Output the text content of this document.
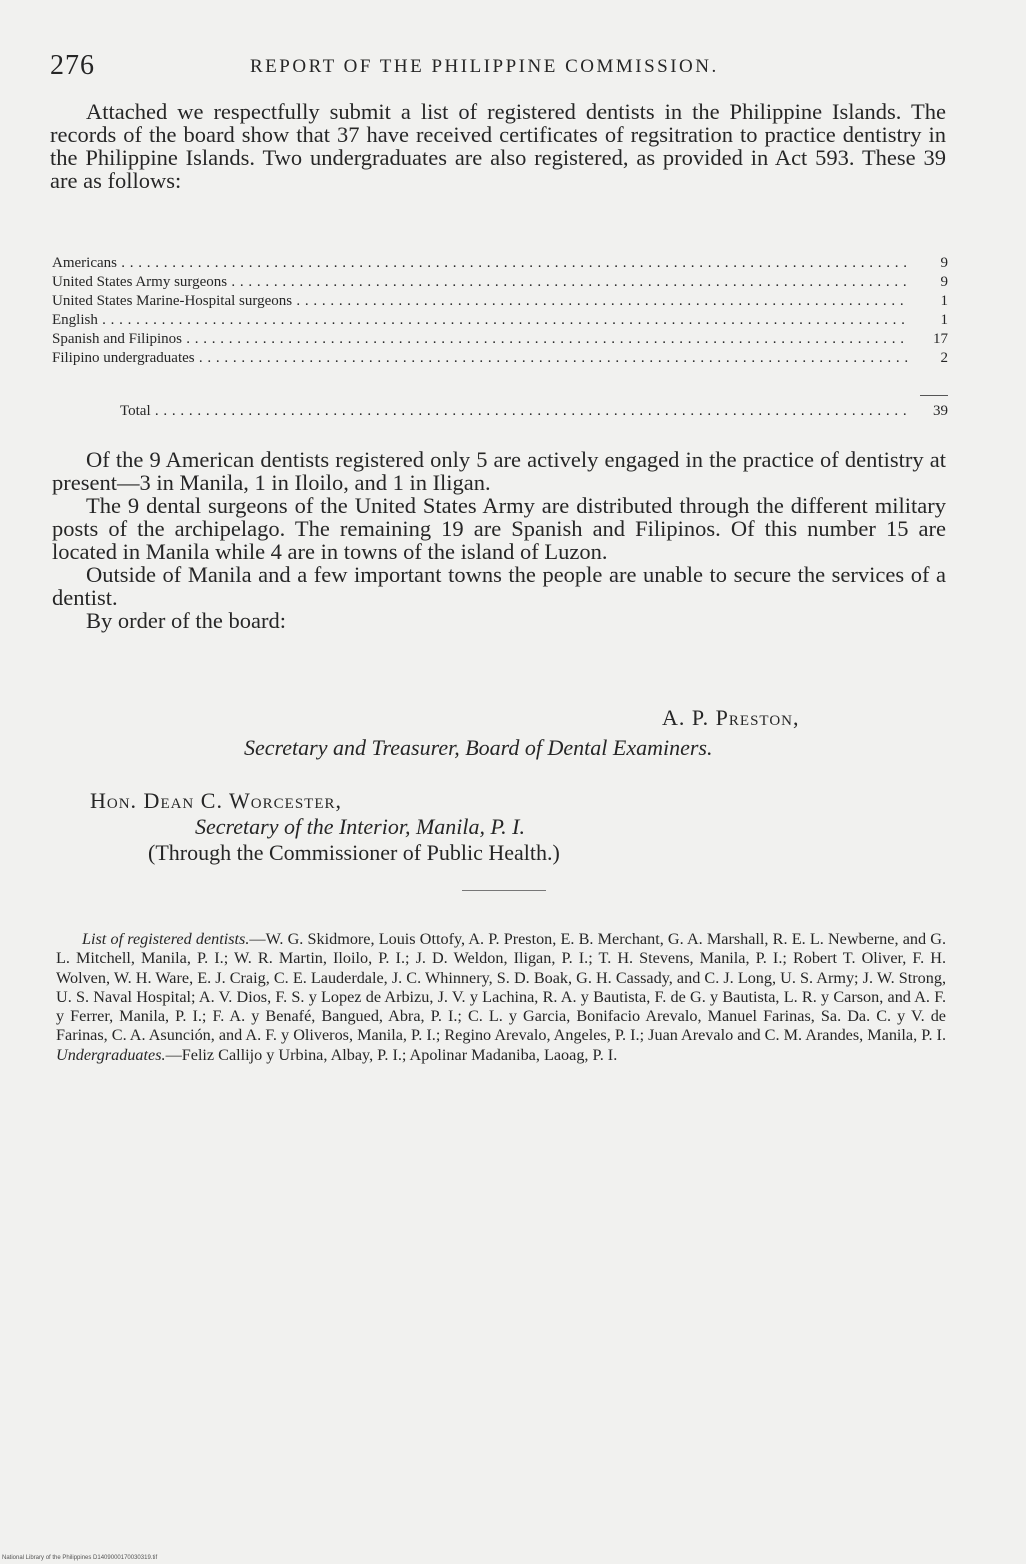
276	REPORT OF THE PHILIPPINE COMMISSION.

Attached we respectfully submit a list of registered dentists in the Philippine Islands. The records of the board show that 37 have received certificates of regsitration to practice dentistry in the Philippine Islands. Two undergraduates are also registered, as provided in Act 593. These 39 are as follows:

Americans . . .	9
United States Army surgeons . . .	9
United States Marine-Hospital surgeons . . .	1
English . . .	1
Spanish and Filipinos . . .	17
Filipino undergraduates . . .	2
Total . . .	39

Of the 9 American dentists registered only 5 are actively engaged in the practice of dentistry at present—3 in Manila, 1 in Iloilo, and 1 in Iligan.

The 9 dental surgeons of the United States Army are distributed through the different military posts of the archipelago. The remaining 19 are Spanish and Filipinos. Of this number 15 are located in Manila while 4 are in towns of the island of Luzon.

Outside of Manila and a few important towns the people are unable to secure the services of a dentist.

By order of the board:

A. P. Preston,
Secretary and Treasurer, Board of Dental Examiners.
Hon. Dean C. Worcester,
Secretary of the Interior, Manila, P. I.
(Through the Commissioner of Public Health.)

List of registered dentists.—W. G. Skidmore, Louis Ottofy, A. P. Preston, E. B. Merchant, G. A. Marshall, R. E. L. Newberne, and G. L. Mitchell, Manila, P. I.; W. R. Martin, Iloilo, P. I.; J. D. Weldon, Iligan, P. I.; T. H. Stevens, Manila, P. I.; Robert T. Oliver, F. H. Wolven, W. H. Ware, E. J. Craig, C. E. Lauderdale, J. C. Whinnery, S. D. Boak, G. H. Cassady, and C. J. Long, U. S. Army; J. W. Strong, U. S. Naval Hospital; A. V. Dios, F. S. y Lopez de Arbizu, J. V. y Lachina, R. A. y Bautista, F. de G. y Bautista, L. R. y Carson, and A. F. y Ferrer, Manila, P. I.; F. A. y Benafé, Bangued, Abra, P. I.; C. L. y Garcia, Bonifacio Arevalo, Manuel Farinas, Sa. Da. C. y V. de Farinas, C. A. Asunción, and A. F. y Oliveros, Manila, P. I.; Regino Arevalo, Angeles, P. I.; Juan Arevalo and C. M. Arandes, Manila, P. I. Undergraduates.—Feliz Callijo y Urbina, Albay, P. I.; Apolinar Madaniba, Laoag, P. I.

National Library of the Philippines D1409000170030319.tif
